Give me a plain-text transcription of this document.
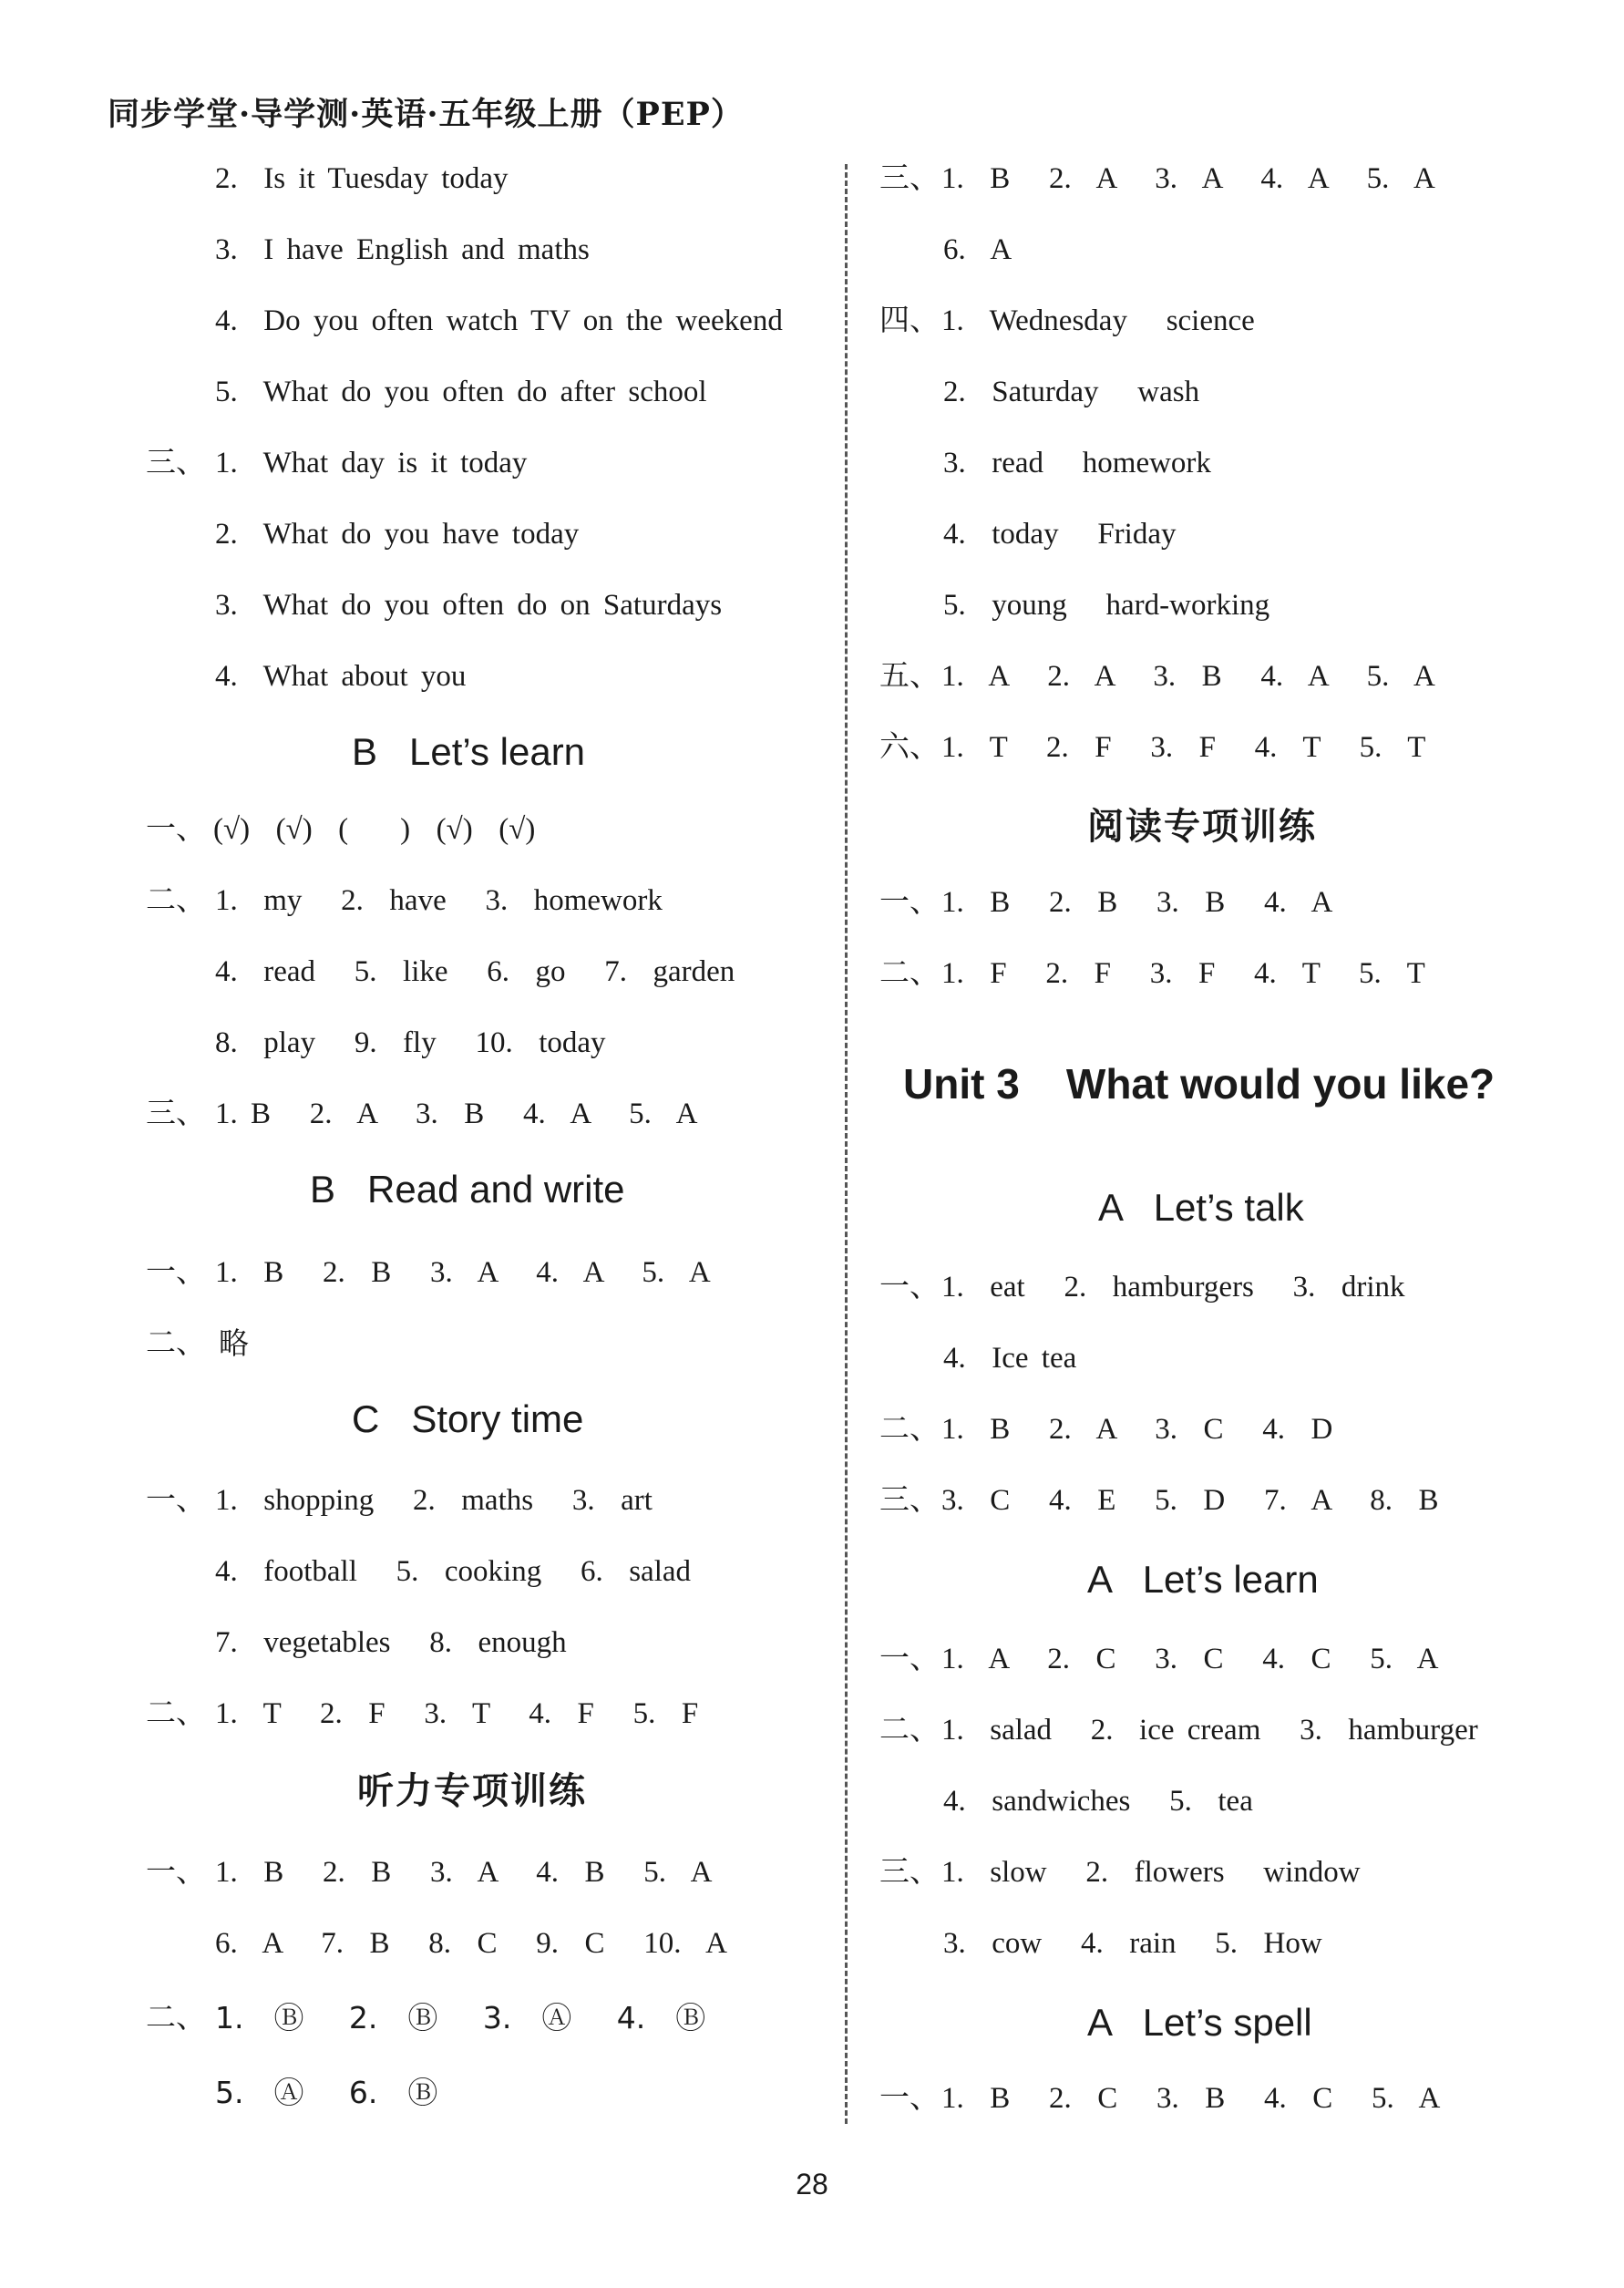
同步学堂·导学测·英语·五年级上册（PEP）
2.  Is it Tuesday today
3.  I have English and maths
4.  Do you often watch TV on the weekend
5.  What do you often do after school
三、 1.  What day is it today
2.  What do you have today
3.  What do you often do on Saturdays
4.  What about you
B   Let’s learn
一、 (√)  (√)  (    )  (√)  (√)
二、 1.  my   2.  have   3.  homework
4.  read   5.  like   6.  go   7.  garden
8.  play   9.  fly   10.  today
三、 1. B   2.  A   3.  B   4.  A   5.  A
B   Read and write
一、 1.  B   2.  B   3.  A   4.  A   5.  A
二、 略
C   Story time
一、 1.  shopping   2.  maths   3.  art
4.  football   5.  cooking   6.  salad
7.  vegetables   8.  enough
二、 1.  T   2.  F   3.  T   4.  F   5.  F
听力专项训练
一、 1.  B   2.  B   3.  A   4.  B   5.  A
6.  A   7.  B   8.  C   9.  C   10.  A
二、 1.  Ⓑ   2.  Ⓑ   3.  Ⓐ   4.  Ⓑ
5.  Ⓐ   6.  Ⓑ
三、 1.  B   2.  A   3.  A   4.  A   5.  A
6.  A
四、 1.  Wednesday   science
2.  Saturday   wash
3.  read   homework
4.  today   Friday
5.  young   hard-working
五、 1.  A   2.  A   3.  B   4.  A   5.  A
六、 1.  T   2.  F   3.  F   4.  T   5.  T
阅读专项训练
一、 1.  B   2.  B   3.  B   4.  A
二、 1.  F   2.  F   3.  F   4.  T   5.  T
Unit 3    What would you like?
A   Let’s talk
一、 1.  eat   2.  hamburgers   3.  drink
4.  Ice tea
二、 1.  B   2.  A   3.  C   4.  D
三、 3.  C   4.  E   5.  D   7.  A   8.  B
A   Let’s learn
一、 1.  A   2.  C   3.  C   4.  C   5.  A
二、 1.  salad   2.  ice cream   3.  hamburger
4.  sandwiches   5.  tea
三、 1.  slow   2.  flowers   window
3.  cow   4.  rain   5.  How
A   Let’s spell
一、 1.  B   2.  C   3.  B   4.  C   5.  A
28
